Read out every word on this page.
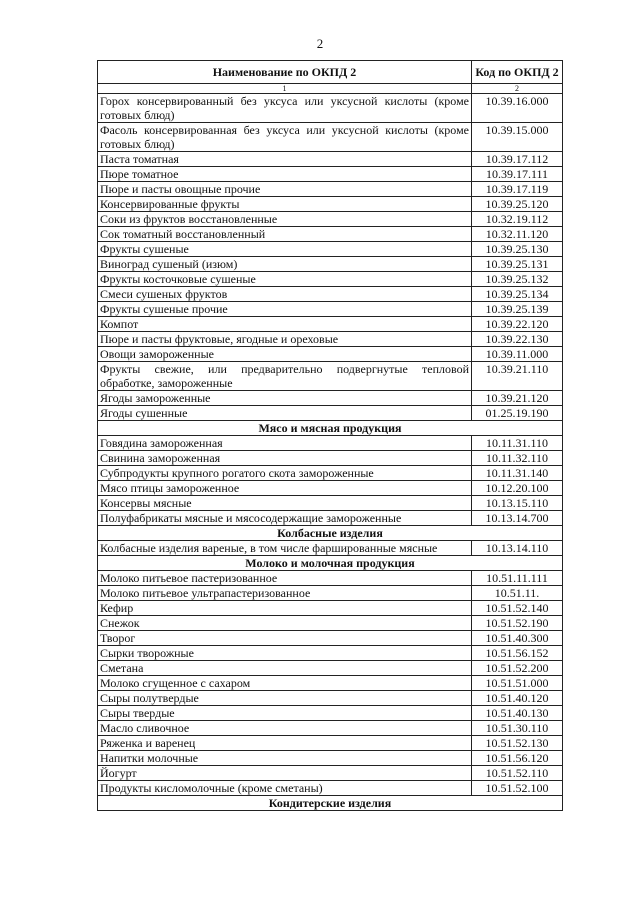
2
Наименование по ОКПД 2	Код по ОКПД 2
1	2
Горох консервированный без уксуса или уксусной кислоты (кроме готовых блюд)	10.39.16.000
Фасоль консервированная без уксуса или уксусной кислоты (кроме готовых блюд)	10.39.15.000
Паста томатная	10.39.17.112
Пюре томатное	10.39.17.111
Пюре и пасты овощные прочие	10.39.17.119
Консервированные фрукты	10.39.25.120
Соки из фруктов восстановленные	10.32.19.112
Сок томатный восстановленный	10.32.11.120
Фрукты сушеные	10.39.25.130
Виноград сушеный (изюм)	10.39.25.131
Фрукты косточковые сушеные	10.39.25.132
Смеси сушеных фруктов	10.39.25.134
Фрукты сушеные прочие	10.39.25.139
Компот	10.39.22.120
Пюре и пасты фруктовые, ягодные и ореховые	10.39.22.130
Овощи замороженные	10.39.11.000
Фрукты свежие, или предварительно подвергнутые тепловой обработке, замороженные	10.39.21.110
Ягоды замороженные	10.39.21.120
Ягоды сушенные	01.25.19.190
Мясо и мясная продукция	
Говядина замороженная	10.11.31.110
Свинина замороженная	10.11.32.110
Субпродукты крупного рогатого скота замороженные	10.11.31.140
Мясо птицы замороженное	10.12.20.100
Консервы мясные	10.13.15.110
Полуфабрикаты мясные и мясосодержащие замороженные	10.13.14.700
Колбасные изделия	
Колбасные изделия вареные, в том числе фаршированные мясные	10.13.14.110
Молоко и молочная продукция	
Молоко питьевое пастеризованное	10.51.11.111
Молоко питьевое ультрапастеризованное	10.51.11.
Кефир	10.51.52.140
Снежок	10.51.52.190
Творог	10.51.40.300
Сырки творожные	10.51.56.152
Сметана	10.51.52.200
Молоко сгущенное с сахаром	10.51.51.000
Сыры полутвердые	10.51.40.120
Сыры твердые	10.51.40.130
Масло сливочное	10.51.30.110
Ряженка и варенец	10.51.52.130
Напитки молочные	10.51.56.120
Йогурт	10.51.52.110
Продукты кисломолочные (кроме сметаны)	10.51.52.100
Кондитерские изделия	
